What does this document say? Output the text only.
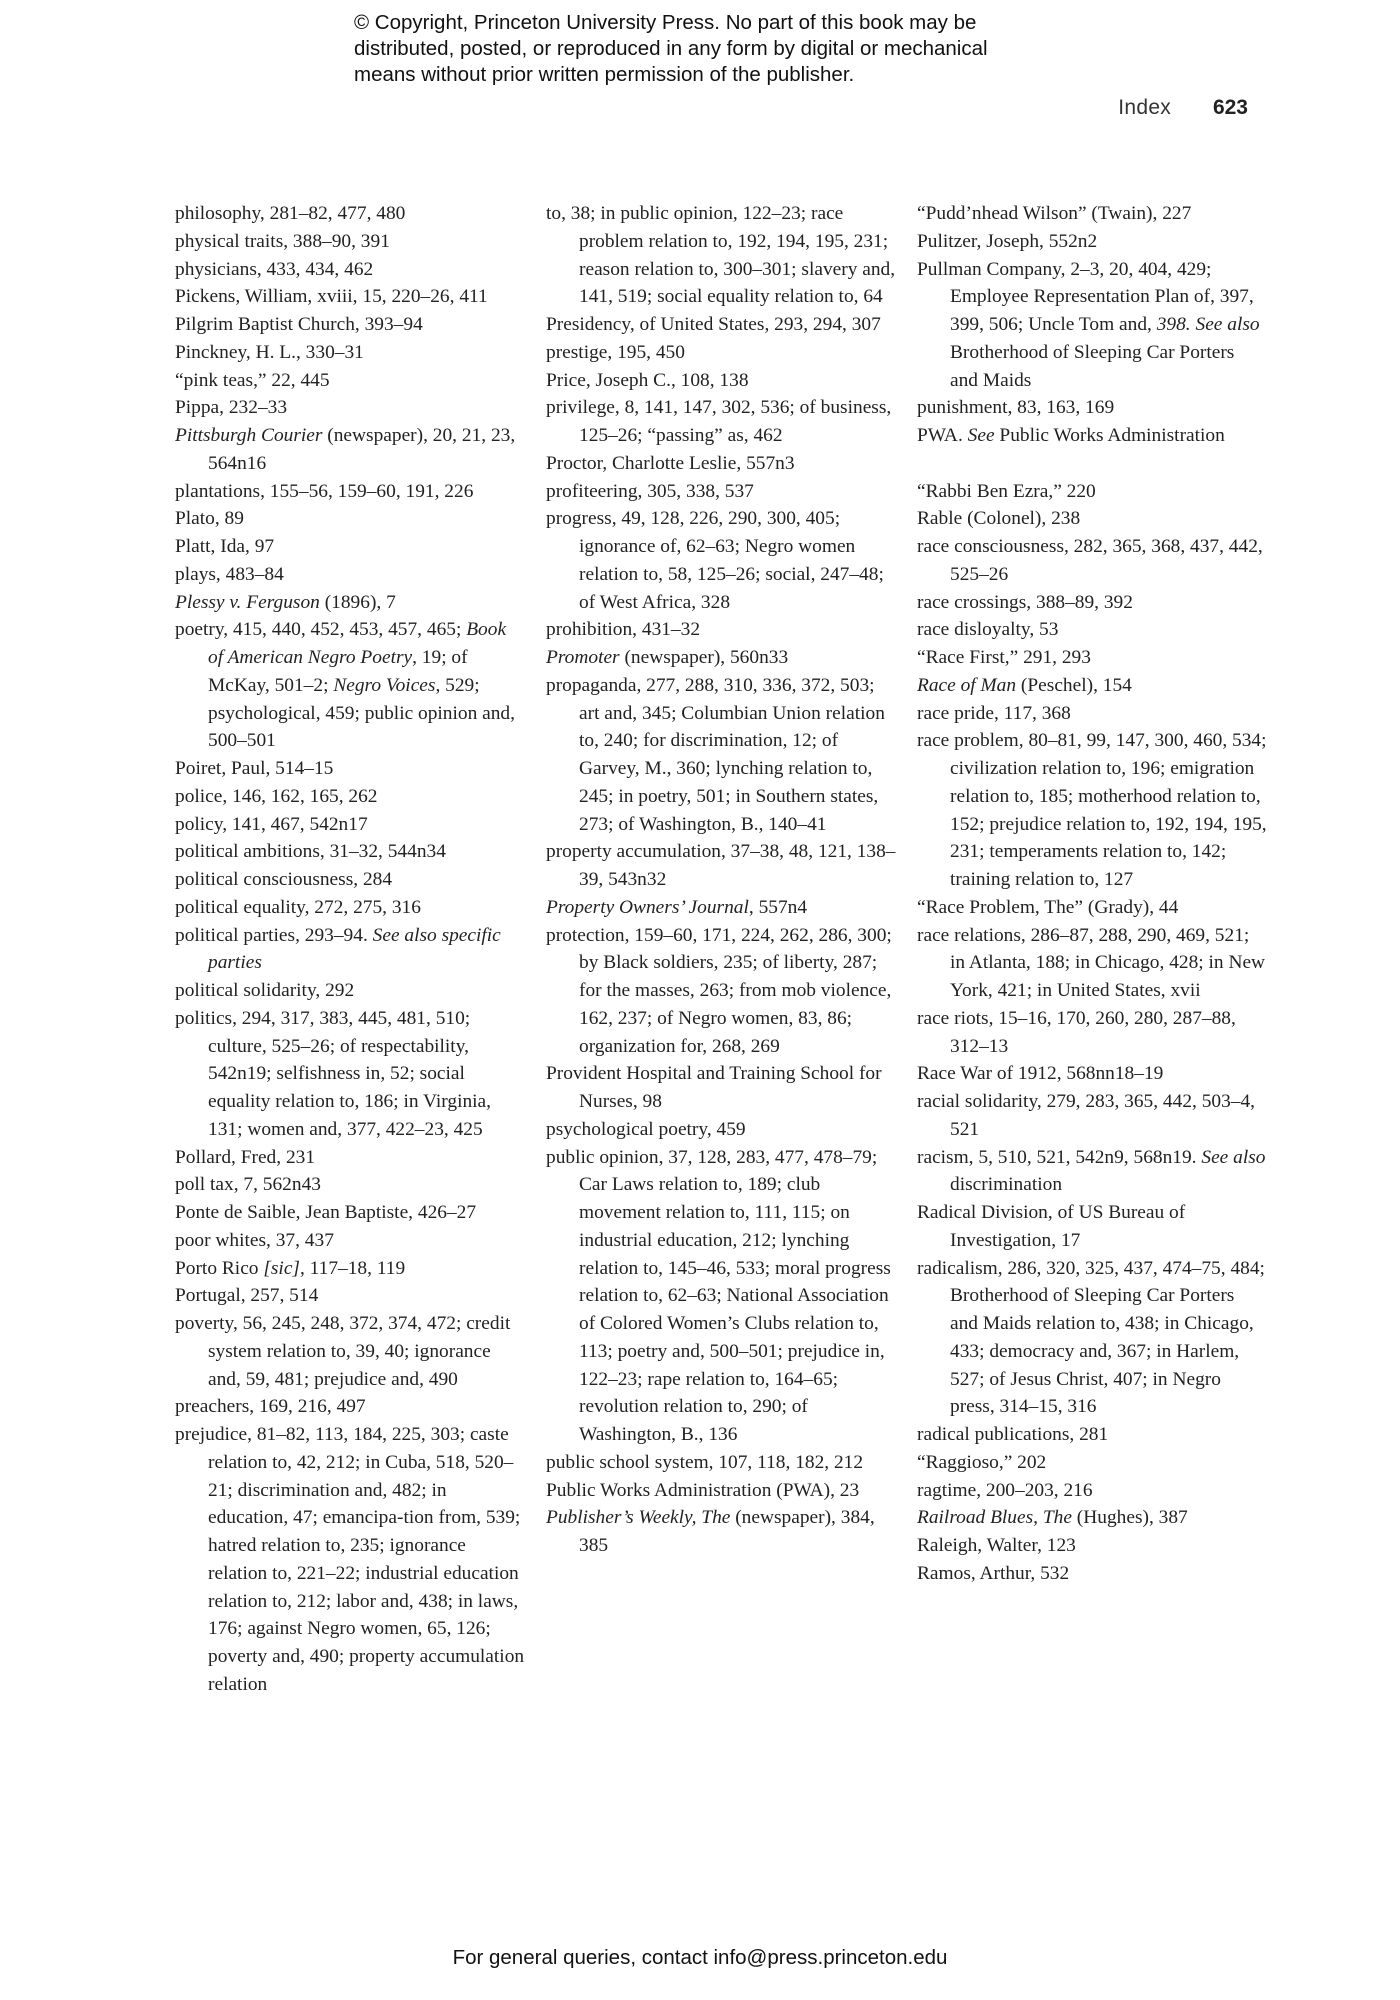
© Copyright, Princeton University Press. No part of this book may be
distributed, posted, or reproduced in any form by digital or mechanical
means without prior written permission of the publisher.
Index 623
philosophy, 281–82, 477, 480
physical traits, 388–90, 391
physicians, 433, 434, 462
Pickens, William, xviii, 15, 220–26, 411
Pilgrim Baptist Church, 393–94
Pinckney, H. L., 330–31
“pink teas,” 22, 445
Pippa, 232–33
Pittsburgh Courier (newspaper), 20, 21, 23, 564n16
plantations, 155–56, 159–60, 191, 226
Plato, 89
Platt, Ida, 97
plays, 483–84
Plessy v. Ferguson (1896), 7
poetry, 415, 440, 452, 453, 457, 465; Book of American Negro Poetry, 19; of McKay, 501–2; Negro Voices, 529; psychological, 459; public opinion and, 500–501
Poiret, Paul, 514–15
police, 146, 162, 165, 262
policy, 141, 467, 542n17
political ambitions, 31–32, 544n34
political consciousness, 284
political equality, 272, 275, 316
political parties, 293–94. See also specific parties
political solidarity, 292
politics, 294, 317, 383, 445, 481, 510; culture, 525–26; of respectability, 542n19; selfishness in, 52; social equality relation to, 186; in Virginia, 131; women and, 377, 422–23, 425
Pollard, Fred, 231
poll tax, 7, 562n43
Ponte de Saible, Jean Baptiste, 426–27
poor whites, 37, 437
Porto Rico [sic], 117–18, 119
Portugal, 257, 514
poverty, 56, 245, 248, 372, 374, 472; credit system relation to, 39, 40; ignorance and, 59, 481; prejudice and, 490
preachers, 169, 216, 497
prejudice, 81–82, 113, 184, 225, 303; caste relation to, 42, 212; in Cuba, 518, 520–21; discrimination and, 482; in education, 47; emancipa-tion from, 539; hatred relation to, 235; ignorance relation to, 221–22; industrial education relation to, 212; labor and, 438; in laws, 176; against Negro women, 65, 126; poverty and, 490; property accumulation relation
to, 38; in public opinion, 122–23; race problem relation to, 192, 194, 195, 231; reason relation to, 300–301; slavery and, 141, 519; social equality relation to, 64
Presidency, of United States, 293, 294, 307
prestige, 195, 450
Price, Joseph C., 108, 138
privilege, 8, 141, 147, 302, 536; of business, 125–26; “passing” as, 462
Proctor, Charlotte Leslie, 557n3
profiteering, 305, 338, 537
progress, 49, 128, 226, 290, 300, 405; ignorance of, 62–63; Negro women relation to, 58, 125–26; social, 247–48; of West Africa, 328
prohibition, 431–32
Promoter (newspaper), 560n33
propaganda, 277, 288, 310, 336, 372, 503; art and, 345; Columbian Union relation to, 240; for discrimination, 12; of Garvey, M., 360; lynching relation to, 245; in poetry, 501; in Southern states, 273; of Washington, B., 140–41
property accumulation, 37–38, 48, 121, 138–39, 543n32
Property Owners’ Journal, 557n4
protection, 159–60, 171, 224, 262, 286, 300; by Black soldiers, 235; of liberty, 287; for the masses, 263; from mob violence, 162, 237; of Negro women, 83, 86; organization for, 268, 269
Provident Hospital and Training School for Nurses, 98
psychological poetry, 459
public opinion, 37, 128, 283, 477, 478–79; Car Laws relation to, 189; club movement relation to, 111, 115; on industrial education, 212; lynching relation to, 145–46, 533; moral progress relation to, 62–63; National Association of Colored Women’s Clubs relation to, 113; poetry and, 500–501; prejudice in, 122–23; rape relation to, 164–65; revolution relation to, 290; of Washington, B., 136
public school system, 107, 118, 182, 212
Public Works Administration (PWA), 23
Publisher’s Weekly, The (newspaper), 384, 385
“Pudd’nhead Wilson” (Twain), 227
Pulitzer, Joseph, 552n2
Pullman Company, 2–3, 20, 404, 429; Employee Representation Plan of, 397, 399, 506; Uncle Tom and, 398. See also Brotherhood of Sleeping Car Porters and Maids
punishment, 83, 163, 169
PWA. See Public Works Administration
“Rabbi Ben Ezra,” 220
Rable (Colonel), 238
race consciousness, 282, 365, 368, 437, 442, 525–26
race crossings, 388–89, 392
race disloyalty, 53
“Race First,” 291, 293
Race of Man (Peschel), 154
race pride, 117, 368
race problem, 80–81, 99, 147, 300, 460, 534; civilization relation to, 196; emigration relation to, 185; motherhood relation to, 152; prejudice relation to, 192, 194, 195, 231; temperaments relation to, 142; training relation to, 127
“Race Problem, The” (Grady), 44
race relations, 286–87, 288, 290, 469, 521; in Atlanta, 188; in Chicago, 428; in New York, 421; in United States, xvii
race riots, 15–16, 170, 260, 280, 287–88, 312–13
Race War of 1912, 568nn18–19
racial solidarity, 279, 283, 365, 442, 503–4, 521
racism, 5, 510, 521, 542n9, 568n19. See also discrimination
Radical Division, of US Bureau of Investigation, 17
radicalism, 286, 320, 325, 437, 474–75, 484; Brotherhood of Sleeping Car Porters and Maids relation to, 438; in Chicago, 433; democracy and, 367; in Harlem, 527; of Jesus Christ, 407; in Negro press, 314–15, 316
radical publications, 281
“Raggioso,” 202
ragtime, 200–203, 216
Railroad Blues, The (Hughes), 387
Raleigh, Walter, 123
Ramos, Arthur, 532
For general queries, contact info@press.princeton.edu
